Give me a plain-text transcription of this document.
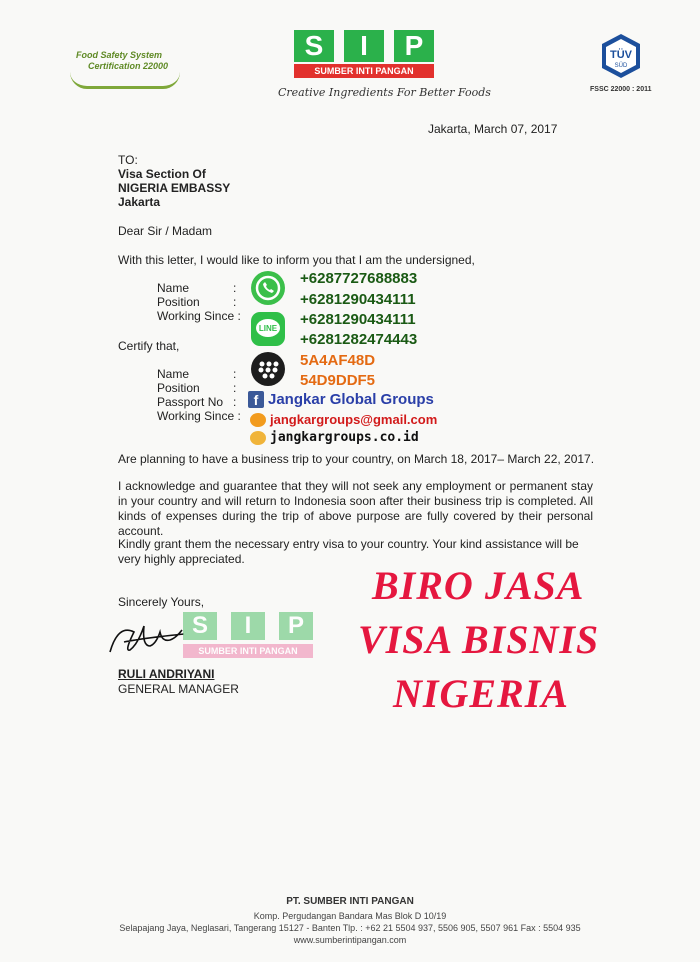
Food Safety System
Certification 22000
S	I	P
SUMBER INTI PANGAN
Creative Ingredients For Better Foods
TÜV
SÜD
FSSC 22000 : 2011
Jakarta, March 07, 2017
TO:
Visa Section Of
NIGERIA EMBASSY
Jakarta
Dear Sir / Madam
With this letter, I would like to inform you that I am the undersigned,
Name	:
Position	:
Working Since :
Certify that,
Name	:
Position	:
Passport No :
Working Since :
LINE
+6287727688883
+6281290434111
+6281290434111
+6281282474443
5A4AF48D
54D9DDF5
f Jangkar Global Groups
jangkargroups@gmail.com
jangkargroups.co.id
Are planning to have a business trip to your country, on March 18, 2017– March 22, 2017.
I acknowledge and guarantee that they will not seek any employment or permanent stay in your country and will return to Indonesia soon after their business trip is completed. All kinds of expenses during the trip of above purpose are fully covered by their personal account.
Kindly grant them the necessary entry visa to your country. Your kind assistance will be very highly appreciated.
Sincerely Yours,
S	I	P
SUMBER INTI PANGAN
RULI ANDRIYANI
GENERAL MANAGER
BIRO JASA
VISA BISNIS
NIGERIA
PT. SUMBER INTI PANGAN
Komp. Pergudangan Bandara Mas Blok D 10/19
Selapajang Jaya, Neglasari, Tangerang 15127 - Banten Tlp. : +62 21 5504 937, 5506 905, 5507 961 Fax : 5504 935
www.sumberintipangan.com
